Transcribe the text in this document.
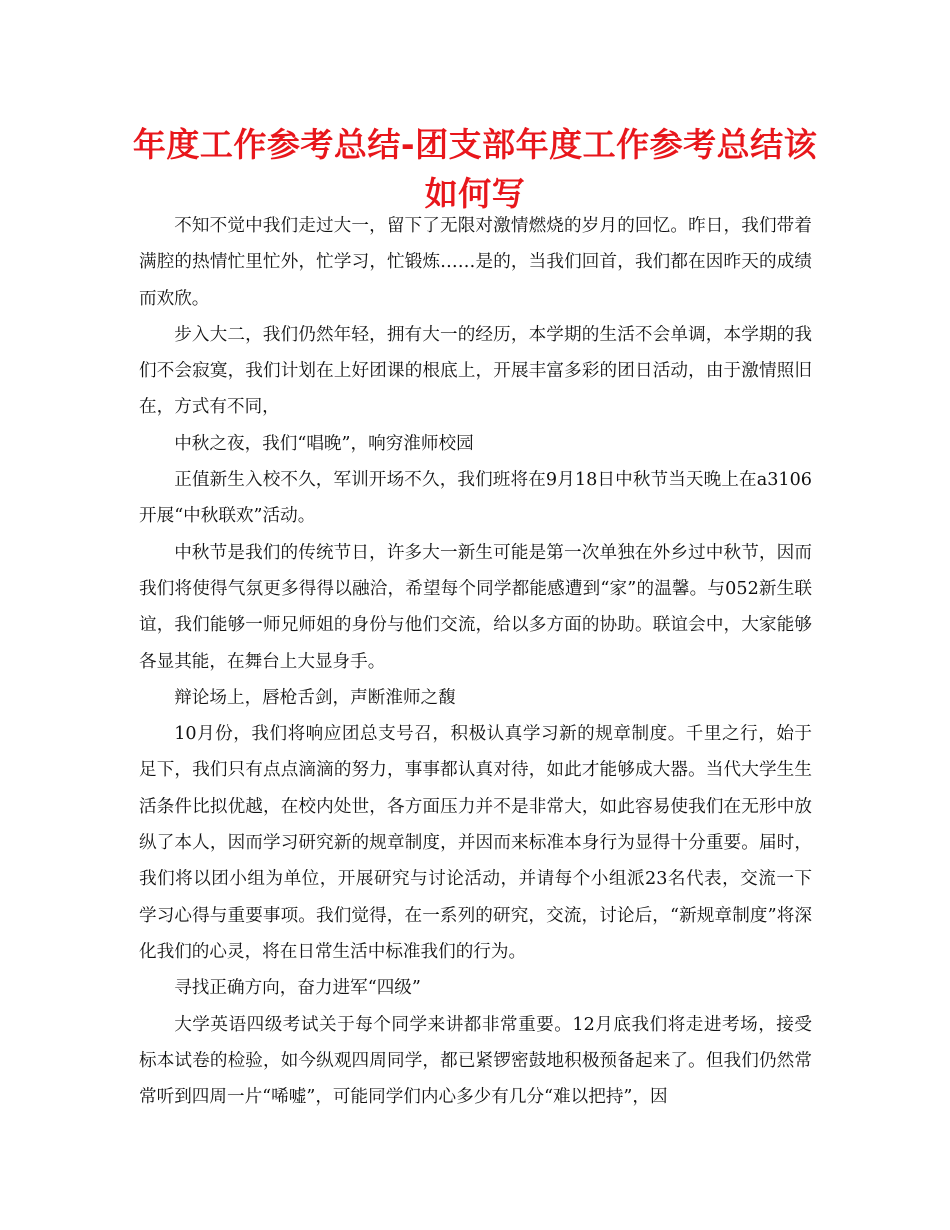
年度工作参考总结-团支部年度工作参考总结该如何写

不知不觉中我们走过大一，留下了无限对激情燃烧的岁月的回忆。昨日，我们带着满腔的热情忙里忙外，忙学习，忙锻炼……是的，当我们回首，我们都在因昨天的成绩而欢欣。

步入大二，我们仍然年轻，拥有大一的经历，本学期的生活不会单调，本学期的我们不会寂寞，我们计划在上好团课的根底上，开展丰富多彩的团日活动，由于激情照旧在，方式有不同，

中秋之夜，我们“唱晚”，响穷淮师校园

正值新生入校不久，军训开场不久，我们班将在9月18日中秋节当天晚上在a3106开展“中秋联欢”活动。

中秋节是我们的传统节日，许多大一新生可能是第一次单独在外乡过中秋节，因而我们将使得气氛更多得得以融洽，希望每个同学都能感遭到“家”的温馨。与052新生联谊，我们能够一师兄师姐的身份与他们交流，给以多方面的协助。联谊会中，大家能够各显其能，在舞台上大显身手。

辩论场上，唇枪舌剑，声断淮师之馥

10月份，我们将响应团总支号召，积极认真学习新的规章制度。千里之行，始于足下，我们只有点点滴滴的努力，事事都认真对待，如此才能够成大器。当代大学生生活条件比拟优越，在校内处世，各方面压力并不是非常大，如此容易使我们在无形中放纵了本人，因而学习研究新的规章制度，并因而来标准本身行为显得十分重要。届时，我们将以团小组为单位，开展研究与讨论活动，并请每个小组派23名代表，交流一下学习心得与重要事项。我们觉得，在一系列的研究，交流，讨论后，“新规章制度”将深化我们的心灵，将在日常生活中标准我们的行为。

寻找正确方向，奋力进军“四级”

大学英语四级考试关于每个同学来讲都非常重要。12月底我们将走进考场，接受标本试卷的检验，如今纵观四周同学，都已紧锣密鼓地积极预备起来了。但我们仍然常常听到四周一片“唏嘘”，可能同学们内心多少有几分“难以把持”，因
